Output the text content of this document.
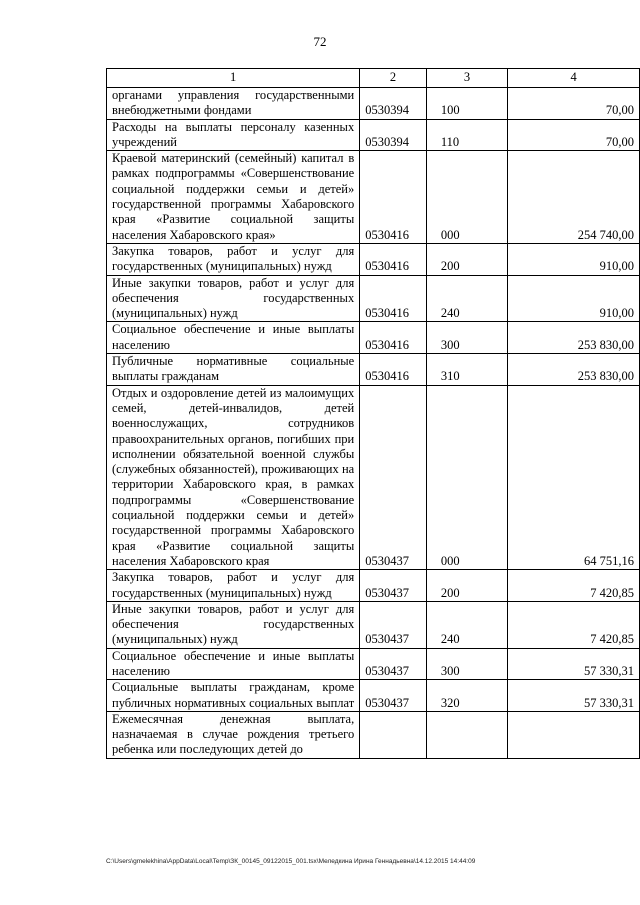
72
1	2	3	4
органами управления государственными внебюджетными фондами	0530394	100	70,00
Расходы на выплаты персоналу казенных учреждений	0530394	110	70,00
Краевой материнский (семейный) капитал в рамках подпрограммы «Совершенствование социальной поддержки семьи и детей» государственной программы Хабаровского края «Развитие социальной защиты населения Хабаровского края»	0530416	000	254 740,00
Закупка товаров, работ и услуг для государственных (муниципальных) нужд	0530416	200	910,00
Иные закупки товаров, работ и услуг для обеспечения государственных (муниципальных) нужд	0530416	240	910,00
Социальное обеспечение и иные выплаты населению	0530416	300	253 830,00
Публичные нормативные социальные выплаты гражданам	0530416	310	253 830,00
Отдых и оздоровление детей из малоимущих семей, детей-инвалидов, детей военнослужащих, сотрудников правоохранительных органов, погибших при исполнении обязательной военной службы (служебных обязанностей), проживающих на территории Хабаровского края, в рамках подпрограммы «Совершенствование социальной поддержки семьи и детей» государственной программы Хабаровского края «Развитие социальной защиты населения Хабаровского края	0530437	000	64 751,16
Закупка товаров, работ и услуг для государственных (муниципальных) нужд	0530437	200	7 420,85
Иные закупки товаров, работ и услуг для обеспечения государственных (муниципальных) нужд	0530437	240	7 420,85
Социальное обеспечение и иные выплаты населению	0530437	300	57 330,31
Социальные выплаты гражданам, кроме публичных нормативных социальных выплат	0530437	320	57 330,31
Ежемесячная денежная выплата, назначаемая в случае рождения третьего ребенка или последующих детей до			
C:\Users\gmelekhina\AppData\Local\Temp\ЗК_00145_09122015_001.tsx\Меледкина Ирина Геннадьевна\14.12.2015 14:44:09
